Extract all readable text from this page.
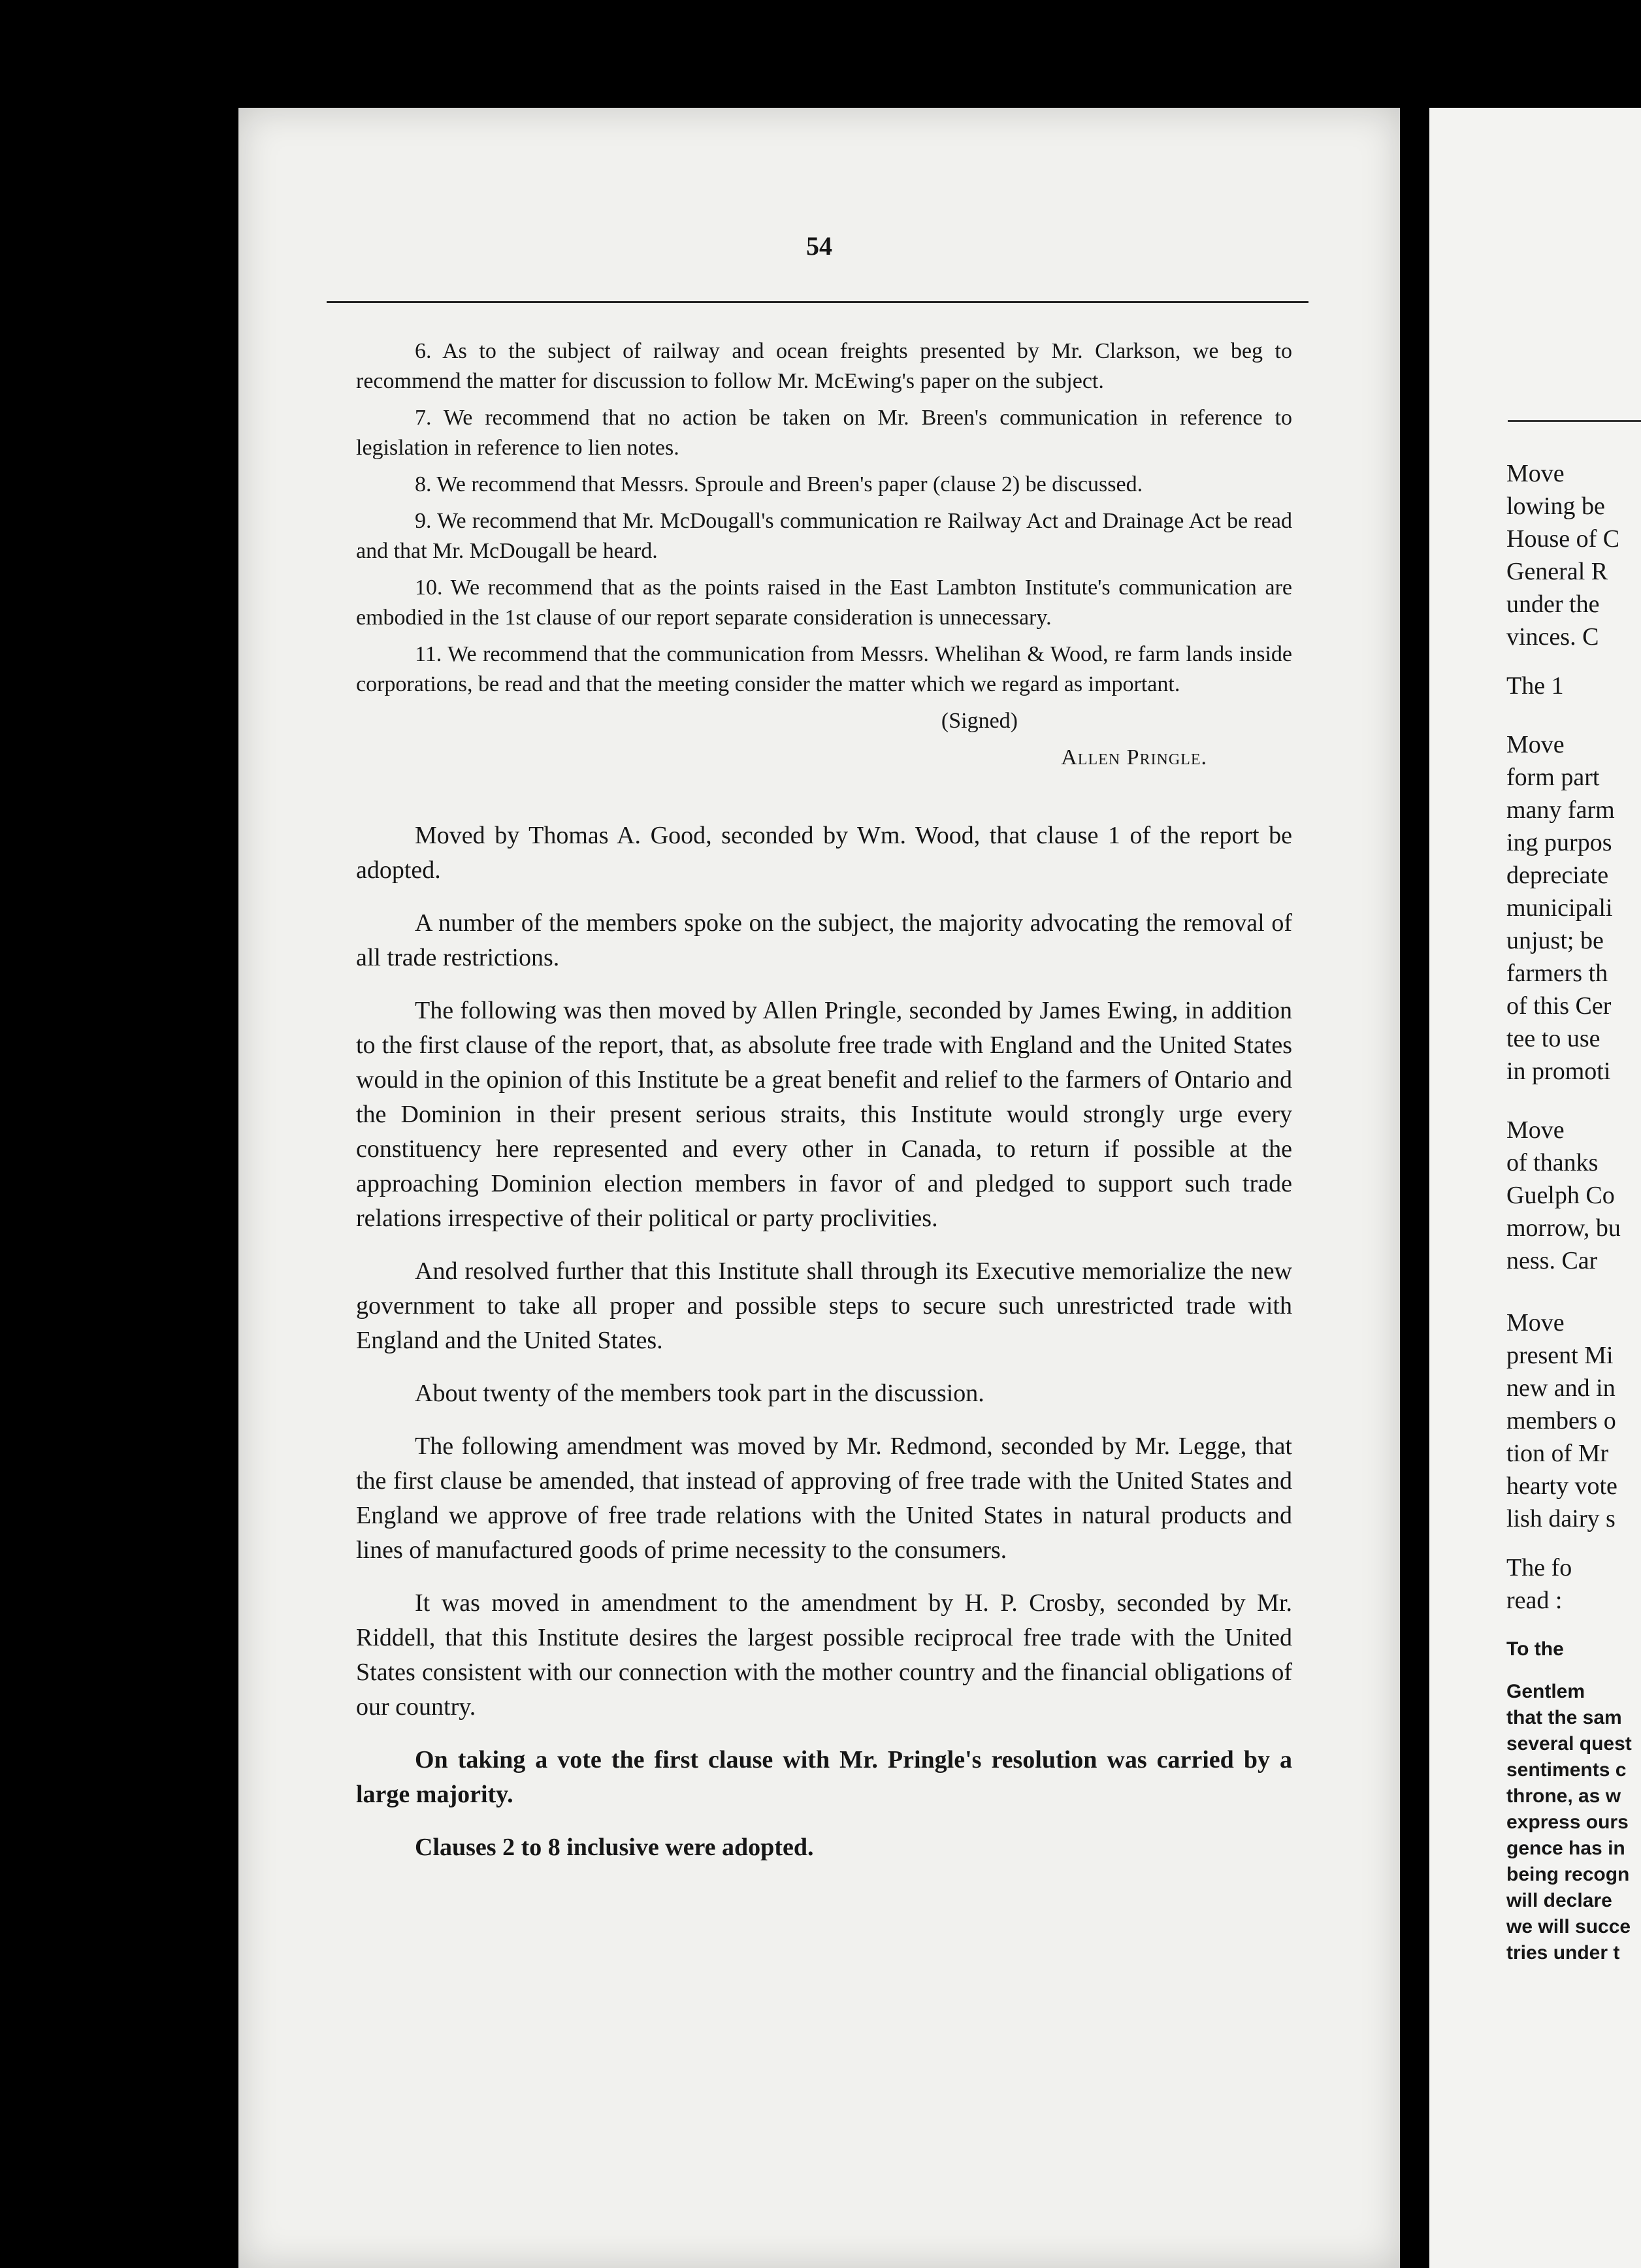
54

6. As to the subject of railway and ocean freights presented by Mr. Clarkson, we beg to recommend the matter for discussion to follow Mr. McEwing's paper on the subject.

7. We recommend that no action be taken on Mr. Breen's communication in reference to legislation in reference to lien notes.

8. We recommend that Messrs. Sproule and Breen's paper (clause 2) be discussed.

9. We recommend that Mr. McDougall's communication re Railway Act and Drainage Act be read and that Mr. McDougall be heard.

10. We recommend that as the points raised in the East Lambton Institute's communication are embodied in the 1st clause of our report separate consideration is unnecessary.

11. We recommend that the communication from Messrs. Whelihan & Wood, re farm lands inside corporations, be read and that the meeting consider the matter which we regard as important.

(Signed)
Allen Pringle.

Moved by Thomas A. Good, seconded by Wm. Wood, that clause 1 of the report be adopted.

A number of the members spoke on the subject, the majority advocating the removal of all trade restrictions.

The following was then moved by Allen Pringle, seconded by James Ewing, in addition to the first clause of the report, that, as absolute free trade with England and the United States would in the opinion of this Institute be a great benefit and relief to the farmers of Ontario and the Dominion in their present serious straits, this Institute would strongly urge every constituency here represented and every other in Canada, to return if possible at the approaching Dominion election members in favor of and pledged to support such trade relations irrespective of their political or party proclivities.

And resolved further that this Institute shall through its Executive memorialize the new government to take all proper and possible steps to secure such unrestricted trade with England and the United States.

About twenty of the members took part in the discussion.

The following amendment was moved by Mr. Redmond, seconded by Mr. Legge, that the first clause be amended, that instead of approving of free trade with the United States and England we approve of free trade relations with the United States in natural products and lines of manufactured goods of prime necessity to the consumers.

It was moved in amendment to the amendment by H. P. Crosby, seconded by Mr. Riddell, that this Institute desires the largest possible reciprocal free trade with the United States consistent with our connection with the mother country and the financial obligations of our country.

On taking a vote the first clause with Mr. Pringle's resolution was carried by a large majority.

Clauses 2 to 8 inclusive were adopted.

Move
lowing be
House of C
General R
under the
vinces. C
The 1
Move
form part
many farm
ing purpos
depreciate
municipali
unjust; be
farmers th
of this Cer
tee to use
in promoti
Move
of thanks
Guelph Co
morrow, bu
ness. Car
Move
present Mi
new and in
members o
tion of Mr
hearty vote
lish dairy s
The fo
read :
To the
Gentlem
that the sam
several quest
sentiments c
throne, as w
express ours
gence has in
being recogn
will declare
we will succe
tries under t
